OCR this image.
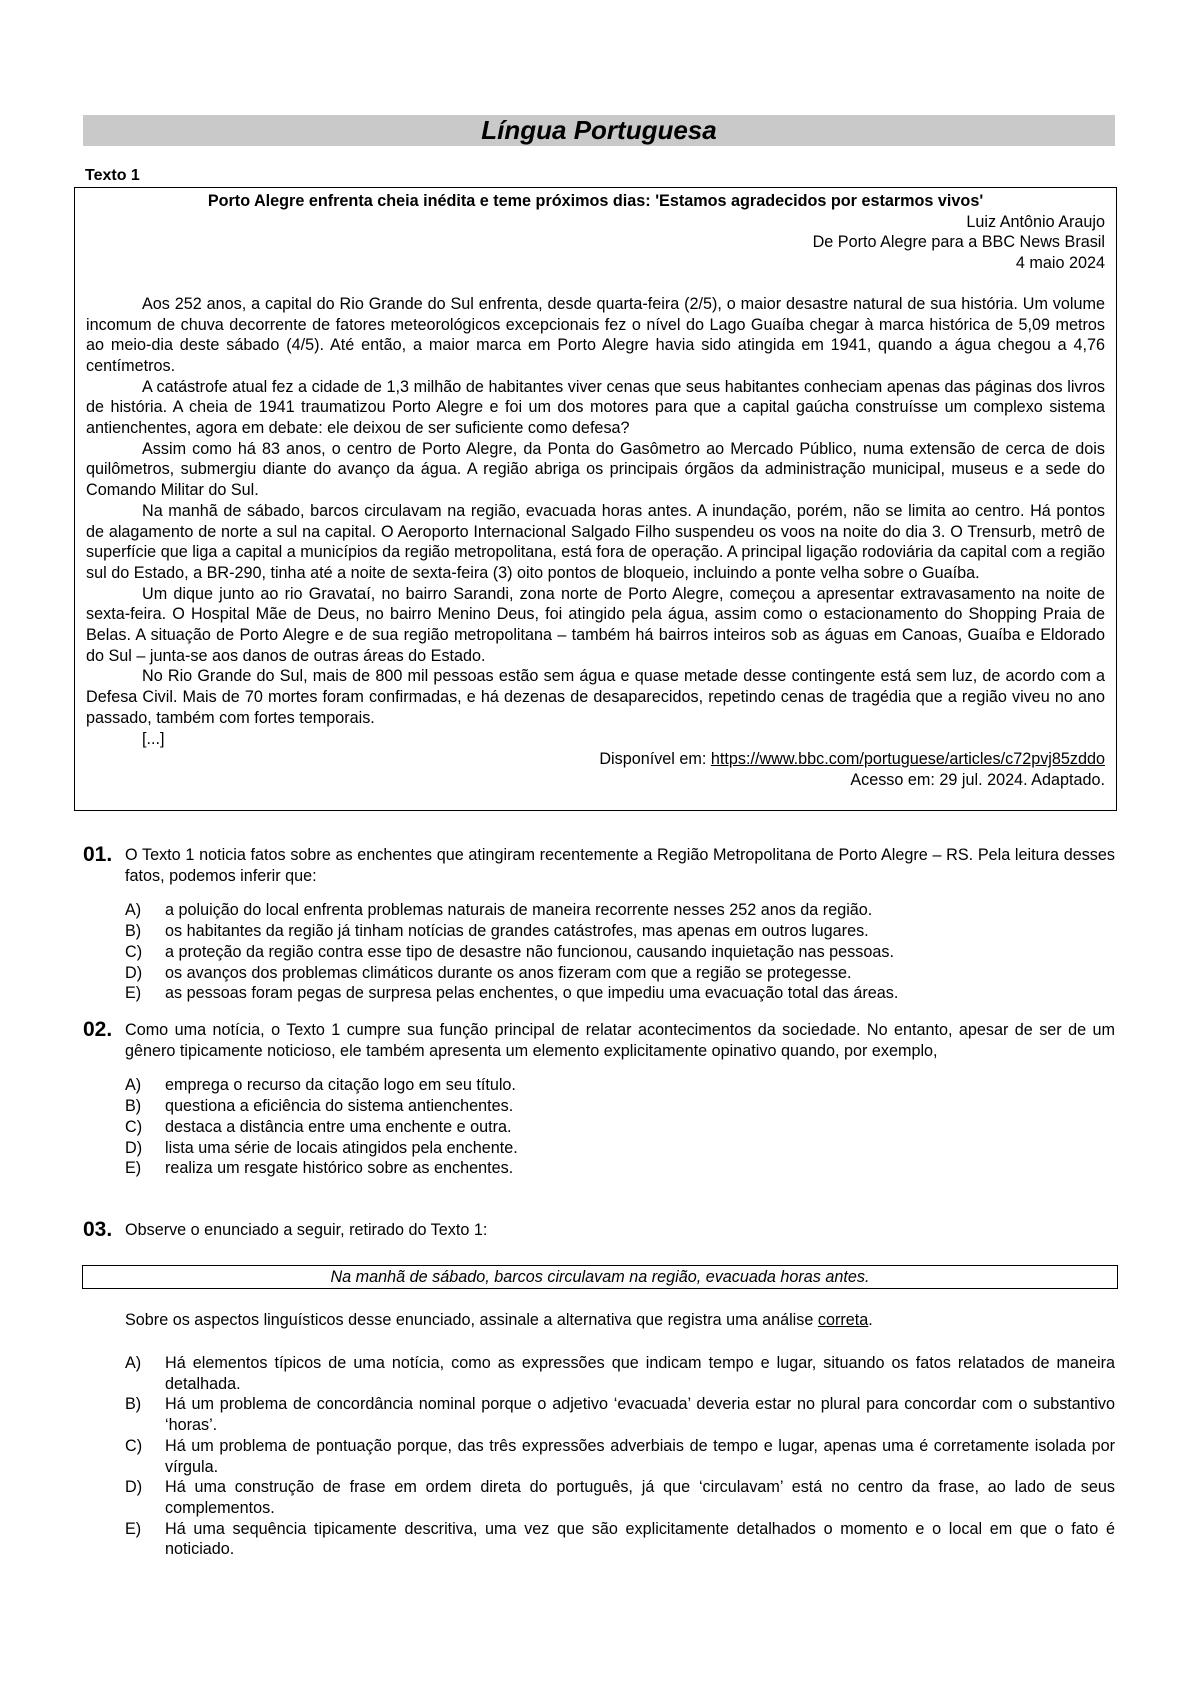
Língua Portuguesa
Texto 1
Porto Alegre enfrenta cheia inédita e teme próximos dias: 'Estamos agradecidos por estarmos vivos'
Luiz Antônio Araujo
De Porto Alegre para a BBC News Brasil
4 maio 2024

Aos 252 anos, a capital do Rio Grande do Sul enfrenta, desde quarta-feira (2/5), o maior desastre natural de sua história. Um volume incomum de chuva decorrente de fatores meteorológicos excepcionais fez o nível do Lago Guaíba chegar à marca histórica de 5,09 metros ao meio-dia deste sábado (4/5). Até então, a maior marca em Porto Alegre havia sido atingida em 1941, quando a água chegou a 4,76 centímetros.

A catástrofe atual fez a cidade de 1,3 milhão de habitantes viver cenas que seus habitantes conheciam apenas das páginas dos livros de história. A cheia de 1941 traumatizou Porto Alegre e foi um dos motores para que a capital gaúcha construísse um complexo sistema antienchentes, agora em debate: ele deixou de ser suficiente como defesa?

Assim como há 83 anos, o centro de Porto Alegre, da Ponta do Gasômetro ao Mercado Público, numa extensão de cerca de dois quilômetros, submergiu diante do avanço da água. A região abriga os principais órgãos da administração municipal, museus e a sede do Comando Militar do Sul.

Na manhã de sábado, barcos circulavam na região, evacuada horas antes. A inundação, porém, não se limita ao centro. Há pontos de alagamento de norte a sul na capital. O Aeroporto Internacional Salgado Filho suspendeu os voos na noite do dia 3. O Trensurb, metrô de superfície que liga a capital a municípios da região metropolitana, está fora de operação. A principal ligação rodoviária da capital com a região sul do Estado, a BR-290, tinha até a noite de sexta-feira (3) oito pontos de bloqueio, incluindo a ponte velha sobre o Guaíba.

Um dique junto ao rio Gravataí, no bairro Sarandi, zona norte de Porto Alegre, começou a apresentar extravasamento na noite de sexta-feira. O Hospital Mãe de Deus, no bairro Menino Deus, foi atingido pela água, assim como o estacionamento do Shopping Praia de Belas. A situação de Porto Alegre e de sua região metropolitana – também há bairros inteiros sob as águas em Canoas, Guaíba e Eldorado do Sul – junta-se aos danos de outras áreas do Estado.

No Rio Grande do Sul, mais de 800 mil pessoas estão sem água e quase metade desse contingente está sem luz, de acordo com a Defesa Civil. Mais de 70 mortes foram confirmadas, e há dezenas de desaparecidos, repetindo cenas de tragédia que a região viveu no ano passado, também com fortes temporais.

[...]
Disponível em: https://www.bbc.com/portuguese/articles/c72pvj85zddo
Acesso em: 29 jul. 2024. Adaptado.
01. O Texto 1 noticia fatos sobre as enchentes que atingiram recentemente a Região Metropolitana de Porto Alegre – RS. Pela leitura desses fatos, podemos inferir que:
A)	a poluição do local enfrenta problemas naturais de maneira recorrente nesses 252 anos da região.
B)	os habitantes da região já tinham notícias de grandes catástrofes, mas apenas em outros lugares.
C)	a proteção da região contra esse tipo de desastre não funcionou, causando inquietação nas pessoas.
D)	os avanços dos problemas climáticos durante os anos fizeram com que a região se protegesse.
E)	as pessoas foram pegas de surpresa pelas enchentes, o que impediu uma evacuação total das áreas.
02. Como uma notícia, o Texto 1 cumpre sua função principal de relatar acontecimentos da sociedade. No entanto, apesar de ser de um gênero tipicamente noticioso, ele também apresenta um elemento explicitamente opinativo quando, por exemplo,
A)	emprega o recurso da citação logo em seu título.
B)	questiona a eficiência do sistema antienchentes.
C)	destaca a distância entre uma enchente e outra.
D)	lista uma série de locais atingidos pela enchente.
E)	realiza um resgate histórico sobre as enchentes.
03. Observe o enunciado a seguir, retirado do Texto 1:
Na manhã de sábado, barcos circulavam na região, evacuada horas antes.
Sobre os aspectos linguísticos desse enunciado, assinale a alternativa que registra uma análise correta.
A)	Há elementos típicos de uma notícia, como as expressões que indicam tempo e lugar, situando os fatos relatados de maneira detalhada.
B)	Há um problema de concordância nominal porque o adjetivo ‘evacuada’ deveria estar no plural para concordar com o substantivo ‘horas’.
C)	Há um problema de pontuação porque, das três expressões adverbiais de tempo e lugar, apenas uma é corretamente isolada por vírgula.
D)	Há uma construção de frase em ordem direta do português, já que ‘circulavam’ está no centro da frase, ao lado de seus complementos.
E)	Há uma sequência tipicamente descritiva, uma vez que são explicitamente detalhados o momento e o local em que o fato é noticiado.
